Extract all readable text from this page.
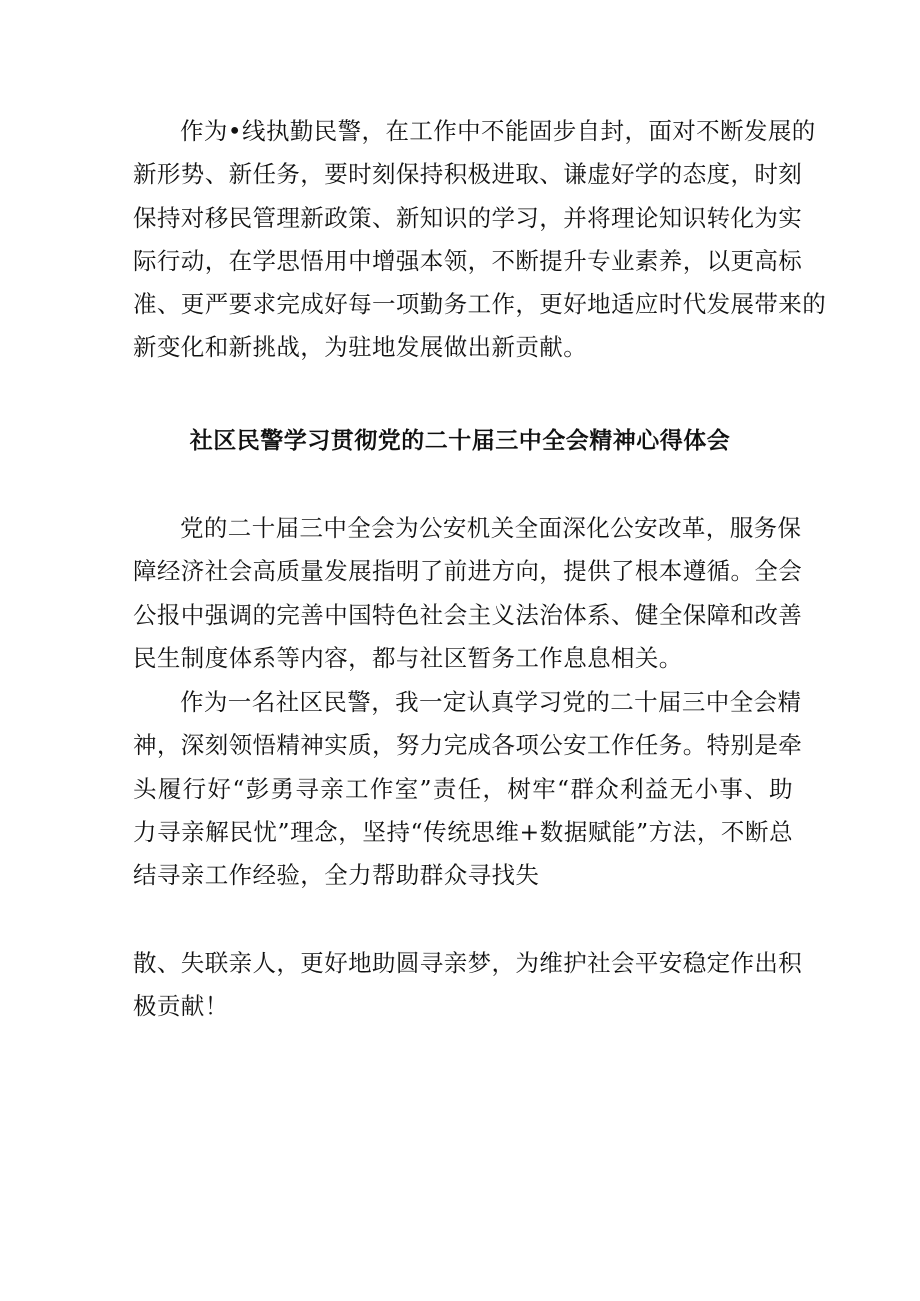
作为•线执勤民警，在工作中不能固步自封，面对不断发展的
新形势、新任务，要时刻保持积极进取、谦虚好学的态度，时刻
保持对移民管理新政策、新知识的学习，并将理论知识转化为实
际行动，在学思悟用中增强本领，不断提升专业素养，以更高标
准、更严要求完成好每一项勤务工作，更好地适应时代发展带来的
新变化和新挑战，为驻地发展做出新贡献。
社区民警学习贯彻党的二十届三中全会精神心得体会
党的二十届三中全会为公安机关全面深化公安改革，服务保
障经济社会高质量发展指明了前进方向，提供了根本遵循。全会
公报中强调的完善中国特色社会主义法治体系、健全保障和改善
民生制度体系等内容，都与社区暂务工作息息相关。
作为一名社区民警，我一定认真学习党的二十届三中全会精
神，深刻领悟精神实质，努力完成各项公安工作任务。特别是牵
头履行好“彭勇寻亲工作室”责任，树牢“群众利益无小事、助
力寻亲解民忧”理念，坚持“传统思维+数据赋能”方法，不断总
结寻亲工作经验，全力帮助群众寻找失
散、失联亲人，更好地助圆寻亲梦，为维护社会平安稳定作出积
极贡献！
